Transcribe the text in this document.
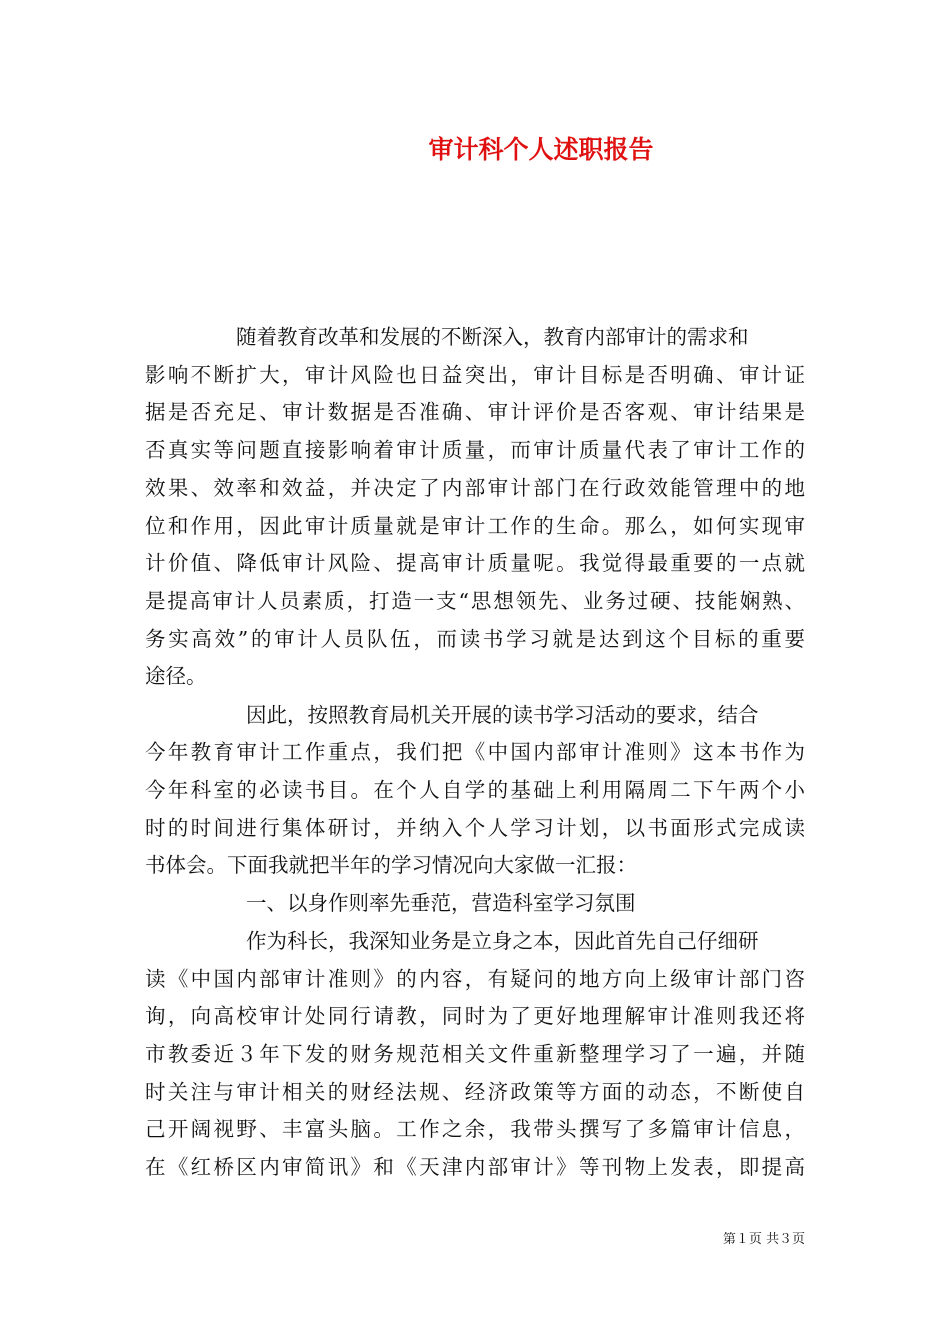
审计科个人述职报告
随着教育改革和发展的不断深入，教育内部审计的需求和
影响不断扩大，审计风险也日益突出，审计目标是否明确、审计证
据是否充足、审计数据是否准确、审计评价是否客观、审计结果是
否真实等问题直接影响着审计质量，而审计质量代表了审计工作的
效果、效率和效益，并决定了内部审计部门在行政效能管理中的地
位和作用，因此审计质量就是审计工作的生命。那么，如何实现审
计价值、降低审计风险、提高审计质量呢。我觉得最重要的一点就
是提高审计人员素质，打造一支“思想领先、业务过硬、技能娴熟、
务实高效”的审计人员队伍，而读书学习就是达到这个目标的重要
途径。
因此，按照教育局机关开展的读书学习活动的要求，结合
今年教育审计工作重点，我们把《中国内部审计准则》这本书作为
今年科室的必读书目。在个人自学的基础上利用隔周二下午两个小
时的时间进行集体研讨，并纳入个人学习计划，以书面形式完成读
书体会。下面我就把半年的学习情况向大家做一汇报：
一、以身作则率先垂范，营造科室学习氛围
作为科长，我深知业务是立身之本，因此首先自己仔细研
读《中国内部审计准则》的内容，有疑问的地方向上级审计部门咨
询，向高校审计处同行请教，同时为了更好地理解审计准则我还将
市教委近３年下发的财务规范相关文件重新整理学习了一遍，并随
时关注与审计相关的财经法规、经济政策等方面的动态，不断使自
己开阔视野、丰富头脑。工作之余，我带头撰写了多篇审计信息，
在《红桥区内审简讯》和《天津内部审计》等刊物上发表，即提高
第１页 共３页
